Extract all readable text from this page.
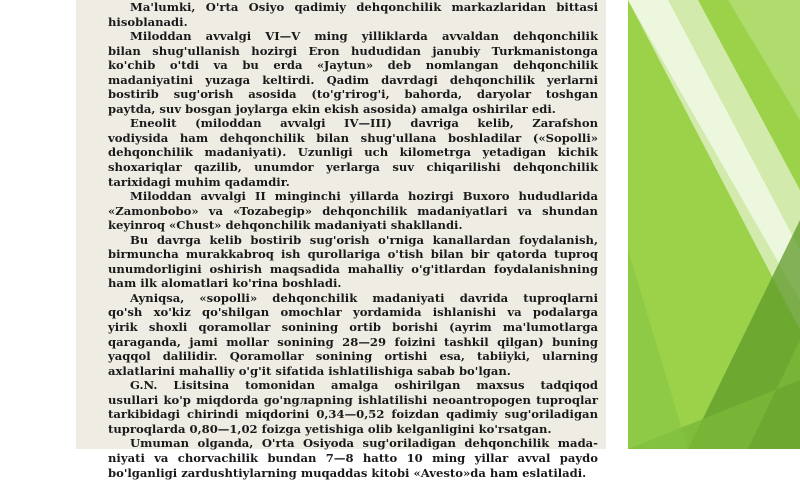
Ma'lumki, O'rta Osiyo qadimiy dehqonchilik markazlaridan bittasi
hisoblanadi.
Miloddan avvalgi VI—V ming yilliklarda avvaldan dehqonchilik
bilan shug'ullanish hozirgi Eron hududidan janubiy Turkmanistonga
ko'chib o'tdi va bu erda «Jaytun» deb nomlangan dehqonchilik
madaniyatini yuzaga keltirdi. Qadim davrdagi dehqonchilik yerlarni
bostirib sug'orish asosida (to'g'rirog'i, bahorda, daryolar toshgan
paytda, suv bosgan joylarga ekin ekish asosida) amalga oshirilar edi.
Eneolit (miloddan avvalgi IV—III) davriga kelib, Zarafshon
vodiysida ham dehqonchilik bilan shug'ullana boshladilar («Sopolli»
dehqonchilik madaniyati). Uzunligi uch kilometrga yetadigan kichik
shoxariqlar qazilib, unumdor yerlarga suv chiqarilishi dehqonchilik
tarixidagi muhim qadamdir.
Miloddan avvalgi II minginchi yillarda hozirgi Buxoro hududlarida
«Zamonbobo» va «Tozabegip» dehqonchilik madaniyatlari va shundan
keyinroq «Chust» dehqonchilik madaniyati shakllandi.
Bu davrga kelib bostirib sug'orish o'rniga kanallardan foydalanish,
birmuncha murakkabroq ish qurollariga o'tish bilan bir qatorda tuproq
unumdorligini oshirish maqsadida mahalliy o'g'itlardan foydalanishning
ham ilk alomatlari ko'rina boshladi.
Ayniqsa, «sopolli» dehqonchilik madaniyati davrida tuproqlarni
qo'sh xo'kiz qo'shilgan omochlar yordamida ishlanishi va podalarga
yirik shoxli qoramollar sonining ortib borishi (ayrim ma'lumotlarga
qaraganda, jami mollar sonining 28—29 foizini tashkil qilgan) buning
yaqqol dalilidir. Qoramollar sonining ortishi esa, tabiiyki, ularning
axlatlarini mahalliy o'g'it sifatida ishlatilishiga sabab bo'lgan.
G.N. Lisitsina tomonidan amalga oshirilgan maxsus tadqiqod
usullari ko'p miqdorda go'ngларning ishlatilishi neoantropogen tuproqlar
tarkibidagi chirindi miqdorini 0,34—0,52 foizdan qadimiy sug'oriladigan
tuproqlarda 0,80—1,02 foizga yetishiga olib kelganligini ko'rsatgan.
Umuman olganda, O'rta Osiyoda sug'oriladigan dehqonchilik mada-
niyati va chorvachilik bundan 7—8 hatto 10 ming yillar avval paydo
bo'lganligi zardushtiylarning muqaddas kitobi «Avesto»da ham eslatiladi.
